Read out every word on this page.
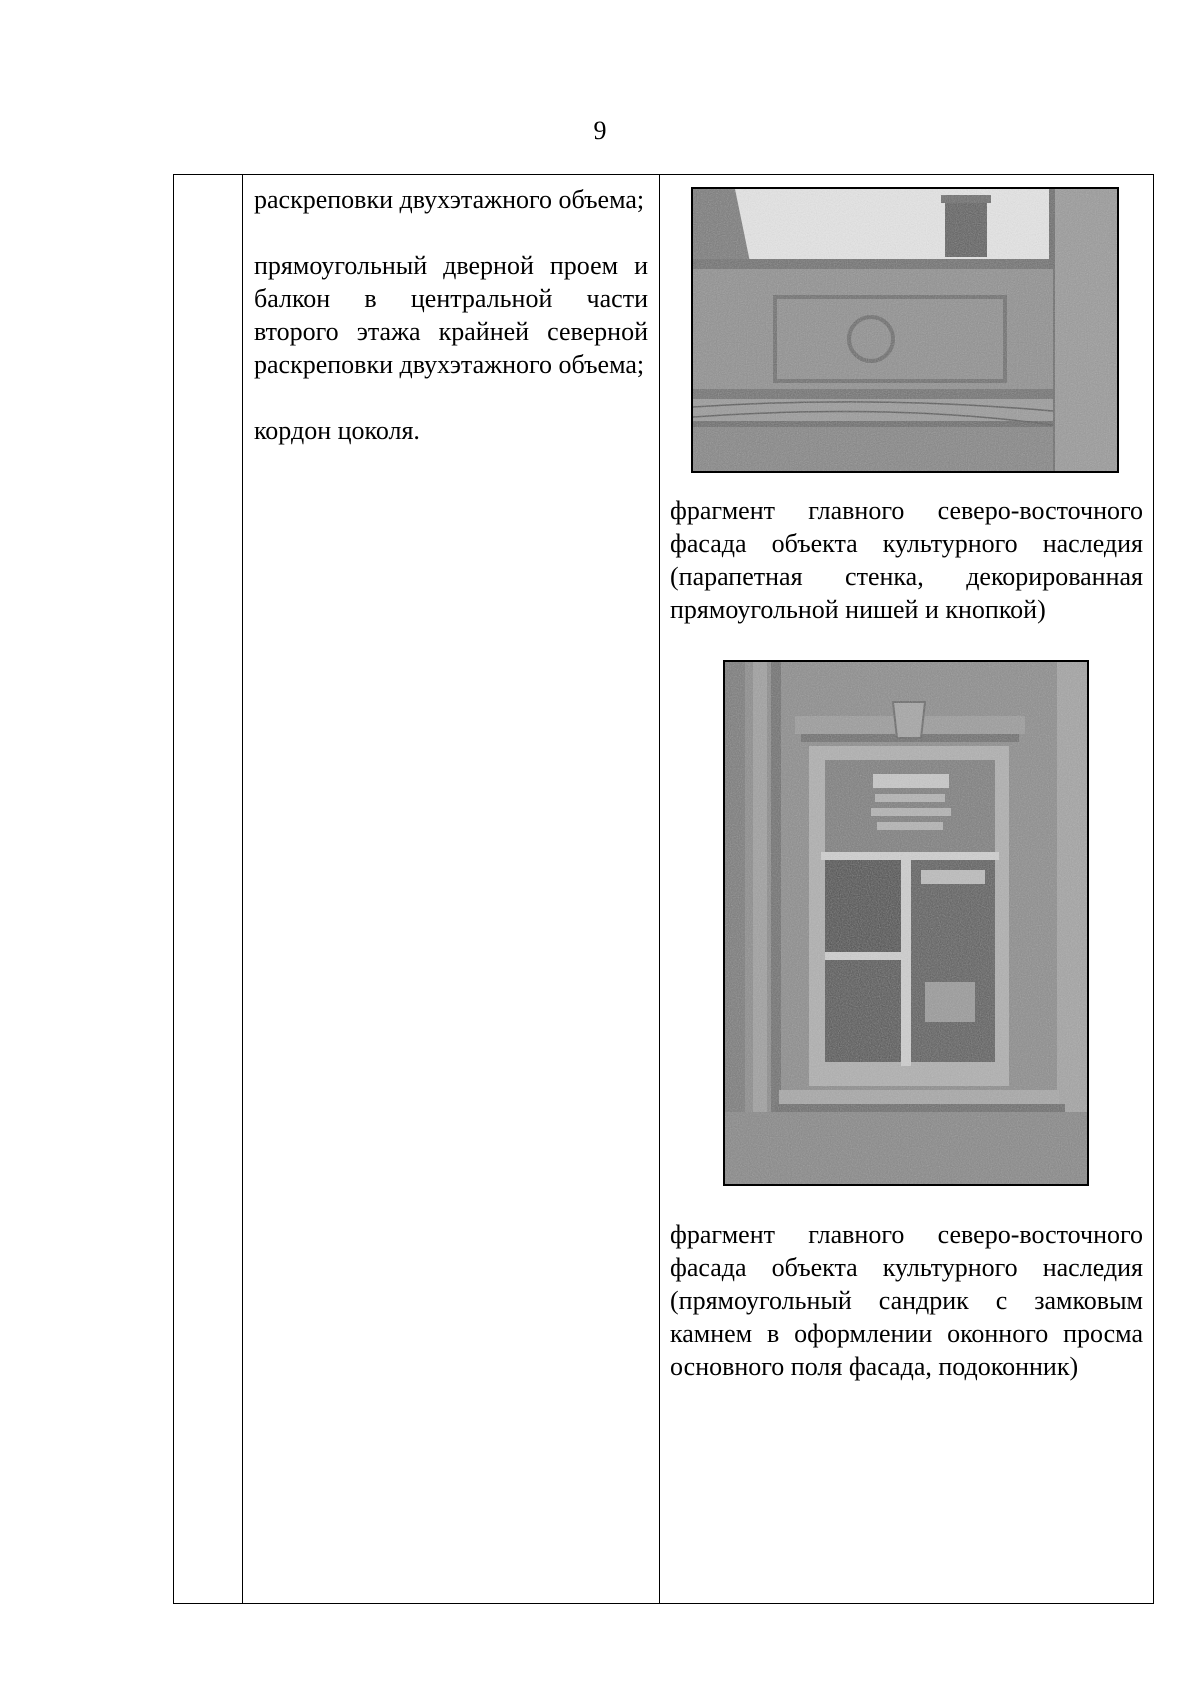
9

раскреповки двухэтажного объема;

прямоугольный дверной проем и балкон в центральной части второго этажа крайней северной раскреповки двухэтажного объема;

кордон цоколя.

фрагмент главного северо-восточного фасада объекта культурного наследия (парапетная стенка, декорированная прямоугольной нишей и кнопкой)

фрагмент главного северо-восточного фасада объекта культурного наследия (прямоугольный сандрик с замковым камнем в оформлении оконного просма основного поля фасада, подоконник)
